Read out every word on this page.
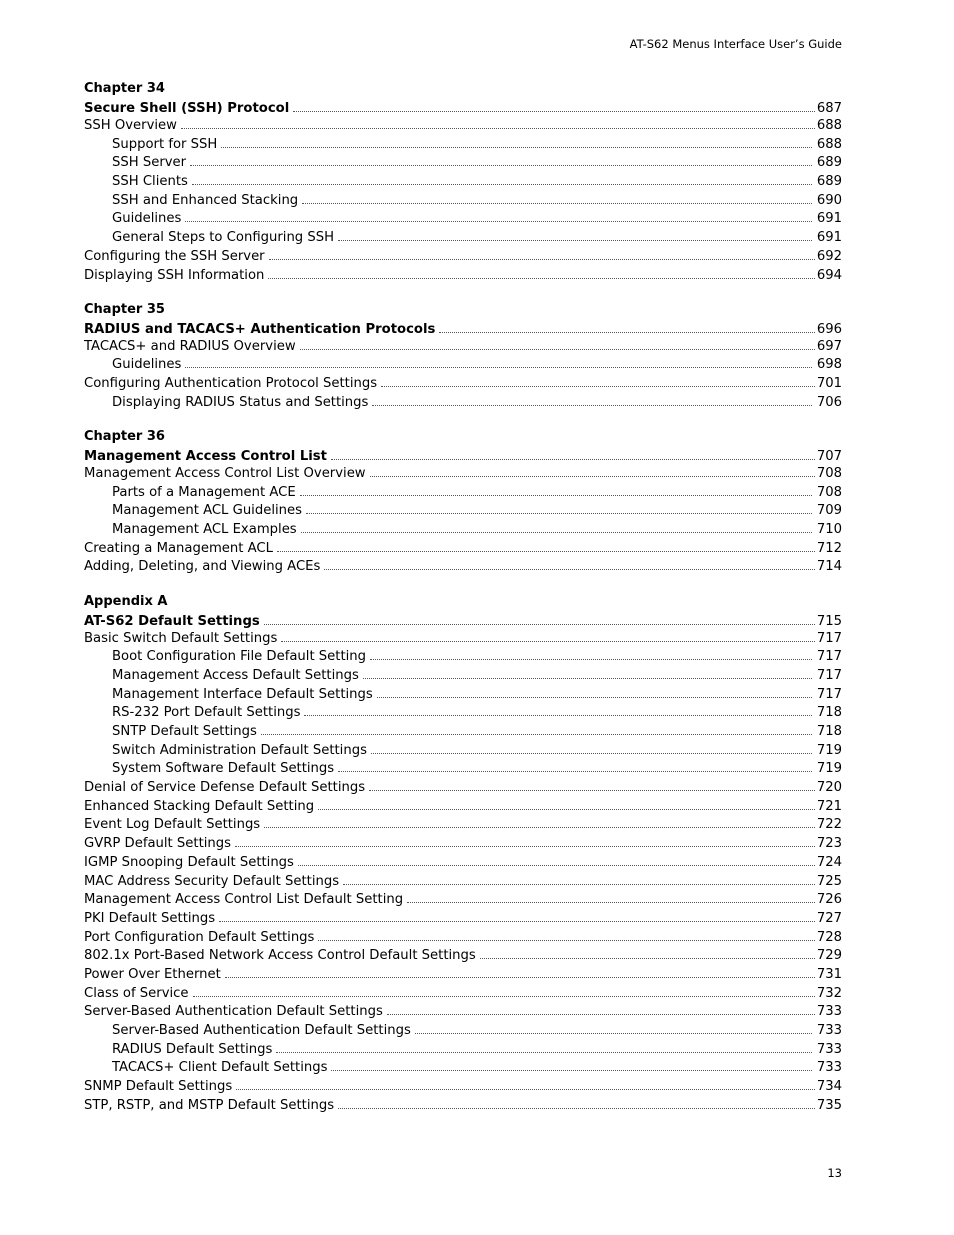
AT-S62 Menus Interface User’s Guide
Chapter 34
Secure Shell (SSH) Protocol	687
SSH Overview	688
Support for SSH	688
SSH Server	689
SSH Clients	689
SSH and Enhanced Stacking	690
Guidelines	691
General Steps to Configuring SSH	691
Configuring the SSH Server	692
Displaying SSH Information	694
Chapter 35
RADIUS and TACACS+ Authentication Protocols	696
TACACS+ and RADIUS Overview	697
Guidelines	698
Configuring Authentication Protocol Settings	701
Displaying RADIUS Status and Settings	706
Chapter 36
Management Access Control List	707
Management Access Control List Overview	708
Parts of a Management ACE	708
Management ACL Guidelines	709
Management ACL Examples	710
Creating a Management ACL	712
Adding, Deleting, and Viewing ACEs	714
Appendix A
AT-S62 Default Settings	715
Basic Switch Default Settings	717
Boot Configuration File Default Setting	717
Management Access Default Settings	717
Management Interface Default Settings	717
RS-232 Port Default Settings	718
SNTP Default Settings	718
Switch Administration Default Settings	719
System Software Default Settings	719
Denial of Service Defense Default Settings	720
Enhanced Stacking Default Setting	721
Event Log Default Settings	722
GVRP Default Settings	723
IGMP Snooping Default Settings	724
MAC Address Security Default Settings	725
Management Access Control List Default Setting	726
PKI Default Settings	727
Port Configuration Default Settings	728
802.1x Port-Based Network Access Control Default Settings	729
Power Over Ethernet	731
Class of Service	732
Server-Based Authentication Default Settings	733
Server-Based Authentication Default Settings	733
RADIUS Default Settings	733
TACACS+ Client Default Settings	733
SNMP Default Settings	734
STP, RSTP, and MSTP Default Settings	735
13
